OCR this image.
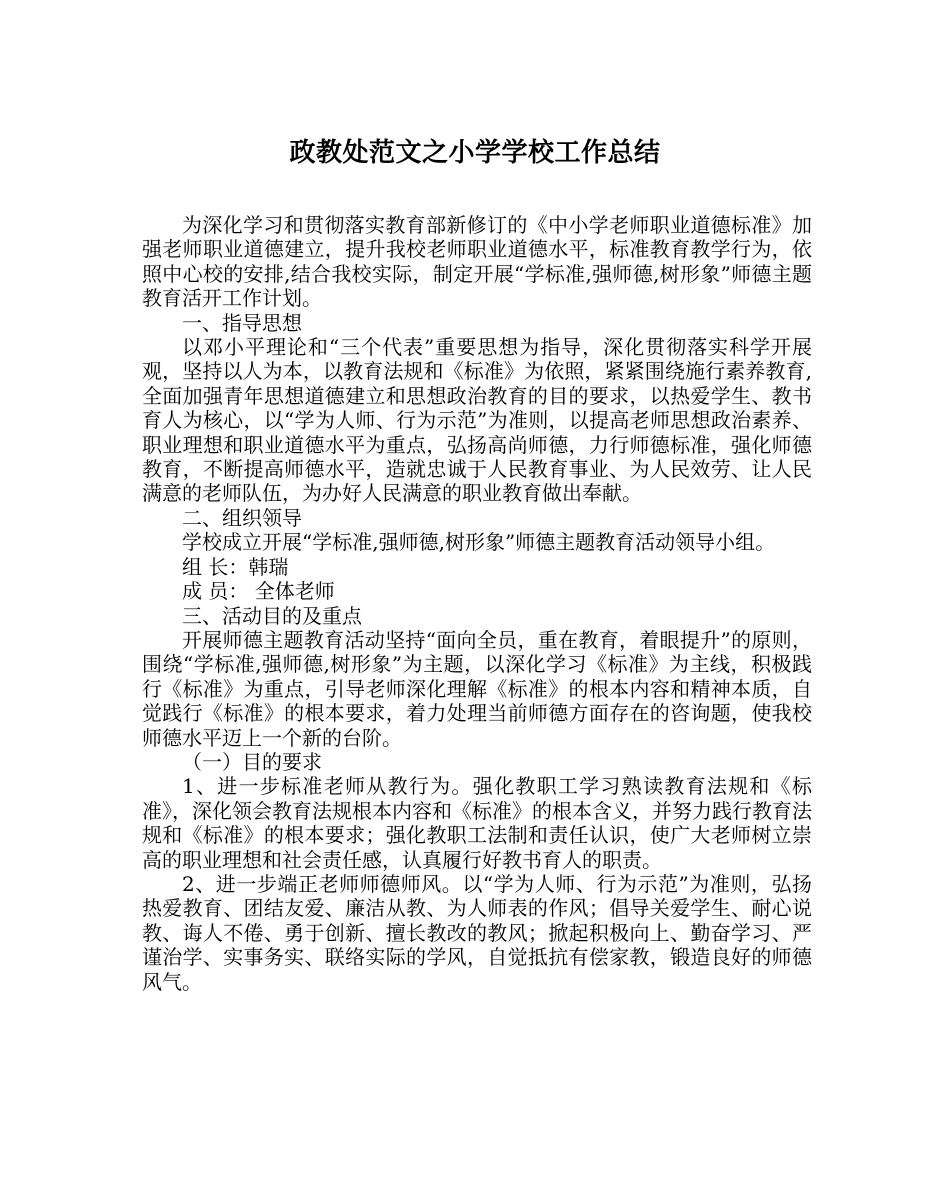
政教处范文之小学学校工作总结

为深化学习和贯彻落实教育部新修订的《中小学老师职业道德标准》加强老师职业道德建立，提升我校老师职业道德水平，标准教育教学行为，依照中心校的安排,结合我校实际，制定开展“学标准,强师德,树形象”师德主题教育活开工作计划。

一、指导思想

以邓小平理论和“三个代表”重要思想为指导，深化贯彻落实科学开展观，坚持以人为本，以教育法规和《标准》为依照，紧紧围绕施行素养教育,全面加强青年思想道德建立和思想政治教育的目的要求，以热爱学生、教书育人为核心，以“学为人师、行为示范”为准则，以提高老师思想政治素养、职业理想和职业道德水平为重点，弘扬高尚师德，力行师德标准，强化师德教育，不断提高师德水平，造就忠诚于人民教育事业、为人民效劳、让人民满意的老师队伍，为办好人民满意的职业教育做出奉献。

二、组织领导

学校成立开展“学标准,强师德,树形象”师德主题教育活动领导小组。

组 长：韩瑞

成 员： 全体老师

三、活动目的及重点

开展师德主题教育活动坚持“面向全员，重在教育，着眼提升”的原则，围绕“学标准,强师德,树形象”为主题，以深化学习《标准》为主线，积极践行《标准》为重点，引导老师深化理解《标准》的根本内容和精神本质，自觉践行《标准》的根本要求，着力处理当前师德方面存在的咨询题，使我校师德水平迈上一个新的台阶。

（一）目的要求

1、进一步标准老师从教行为。强化教职工学习熟读教育法规和《标准》，深化领会教育法规根本内容和《标准》的根本含义，并努力践行教育法规和《标准》的根本要求；强化教职工法制和责任认识，使广大老师树立崇高的职业理想和社会责任感，认真履行好教书育人的职责。

2、进一步端正老师师德师风。以“学为人师、行为示范”为准则，弘扬热爱教育、团结友爱、廉洁从教、为人师表的作风；倡导关爱学生、耐心说教、诲人不倦、勇于创新、擅长教改的教风；掀起积极向上、勤奋学习、严谨治学、实事务实、联络实际的学风，自觉抵抗有偿家教，锻造良好的师德风气。
